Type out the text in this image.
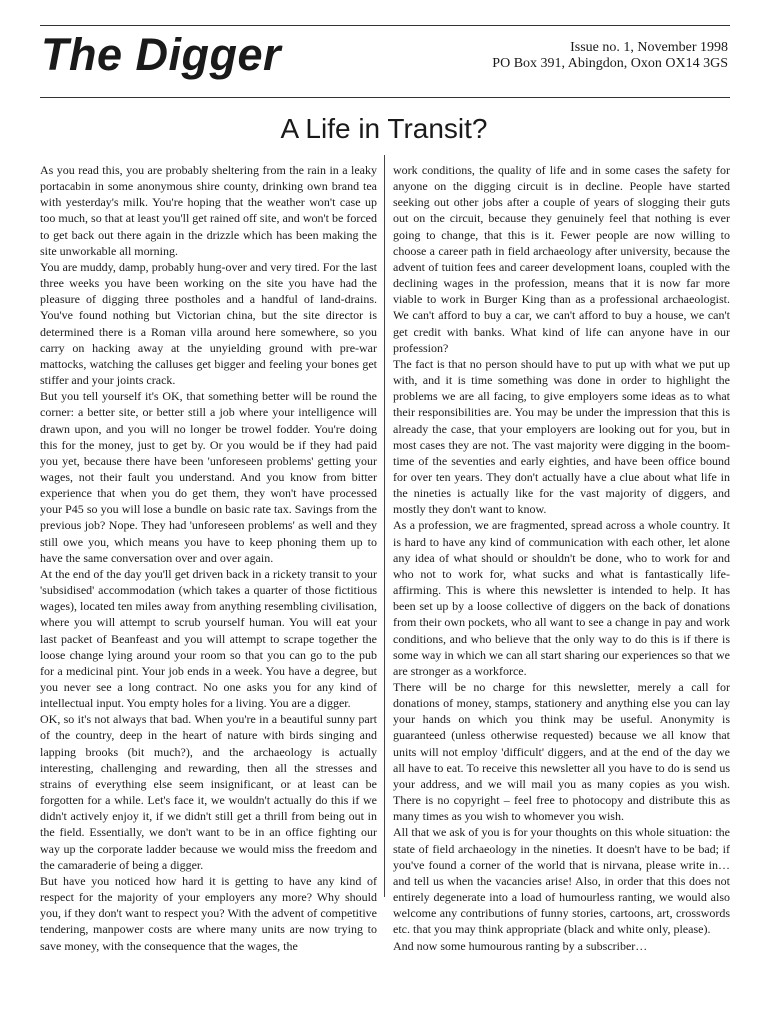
The Digger	Issue no. 1, November 1998
PO Box 391, Abingdon, Oxon OX14 3GS
A Life in Transit?

As you read this, you are probably sheltering from the rain in a leaky portacabin in some anonymous shire county, drinking own brand tea with yesterday's milk. You're hoping that the weather won't case up too much, so that at least you'll get rained off site, and won't be forced to get back out there again in the drizzle which has been making the site unworkable all morning.

You are muddy, damp, probably hung-over and very tired. For the last three weeks you have been working on the site you have had the pleasure of digging three postholes and a handful of land-drains. You've found nothing but Victorian china, but the site director is determined there is a Roman villa around here somewhere, so you carry on hacking away at the unyielding ground with pre-war mattocks, watching the calluses get bigger and feeling your bones get stiffer and your joints crack.

But you tell yourself it's OK, that something better will be round the corner: a better site, or better still a job where your intelligence will drawn upon, and you will no longer be trowel fodder. You're doing this for the money, just to get by. Or you would be if they had paid you yet, because there have been 'unforeseen problems' getting your wages, not their fault you understand. And you know from bitter experience that when you do get them, they won't have processed your P45 so you will lose a bundle on basic rate tax. Savings from the previous job? Nope. They had 'unforeseen problems' as well and they still owe you, which means you have to keep phoning them up to have the same conversation over and over again.

At the end of the day you'll get driven back in a rickety transit to your 'subsidised' accommodation (which takes a quarter of those fictitious wages), located ten miles away from anything resembling civilisation, where you will attempt to scrub yourself human. You will eat your last packet of Beanfeast and you will attempt to scrape together the loose change lying around your room so that you can go to the pub for a medicinal pint. Your job ends in a week. You have a degree, but you never see a long contract. No one asks you for any kind of intellectual input. You empty holes for a living. You are a digger.

OK, so it's not always that bad. When you're in a beautiful sunny part of the country, deep in the heart of nature with birds singing and lapping brooks (bit much?), and the archaeology is actually interesting, challenging and rewarding, then all the stresses and strains of everything else seem insignificant, or at least can be forgotten for a while. Let's face it, we wouldn't actually do this if we didn't actively enjoy it, if we didn't still get a thrill from being out in the field. Essentially, we don't want to be in an office fighting our way up the corporate ladder because we would miss the freedom and the camaraderie of being a digger.

But have you noticed how hard it is getting to have any kind of respect for the majority of your employers any more? Why should you, if they don't want to respect you? With the advent of competitive tendering, manpower costs are where many units are now trying to save money, with the consequence that the wages, the

work conditions, the quality of life and in some cases the safety for anyone on the digging circuit is in decline. People have started seeking out other jobs after a couple of years of slogging their guts out on the circuit, because they genuinely feel that nothing is ever going to change, that this is it. Fewer people are now willing to choose a career path in field archaeology after university, because the advent of tuition fees and career development loans, coupled with the declining wages in the profession, means that it is now far more viable to work in Burger King than as a professional archaeologist. We can't afford to buy a car, we can't afford to buy a house, we can't get credit with banks. What kind of life can anyone have in our profession?

The fact is that no person should have to put up with what we put up with, and it is time something was done in order to highlight the problems we are all facing, to give employers some ideas as to what their responsibilities are. You may be under the impression that this is already the case, that your employers are looking out for you, but in most cases they are not. The vast majority were digging in the boom-time of the seventies and early eighties, and have been office bound for over ten years. They don't actually have a clue about what life in the nineties is actually like for the vast majority of diggers, and mostly they don't want to know.

As a profession, we are fragmented, spread across a whole country. It is hard to have any kind of communication with each other, let alone any idea of what should or shouldn't be done, who to work for and who not to work for, what sucks and what is fantastically life-affirming. This is where this newsletter is intended to help. It has been set up by a loose collective of diggers on the back of donations from their own pockets, who all want to see a change in pay and work conditions, and who believe that the only way to do this is if there is some way in which we can all start sharing our experiences so that we are stronger as a workforce.

There will be no charge for this newsletter, merely a call for donations of money, stamps, stationery and anything else you can lay your hands on which you think may be useful. Anonymity is guaranteed (unless otherwise requested) because we all know that units will not employ 'difficult' diggers, and at the end of the day we all have to eat. To receive this newsletter all you have to do is send us your address, and we will mail you as many copies as you wish. There is no copyright – feel free to photocopy and distribute this as many times as you wish to whomever you wish.

All that we ask of you is for your thoughts on this whole situation: the state of field archaeology in the nineties. It doesn't have to be bad; if you've found a corner of the world that is nirvana, please write in…and tell us when the vacancies arise! Also, in order that this does not entirely degenerate into a load of humourless ranting, we would also welcome any contributions of funny stories, cartoons, art, crosswords etc. that you may think appropriate (black and white only, please).

And now some humourous ranting by a subscriber…
